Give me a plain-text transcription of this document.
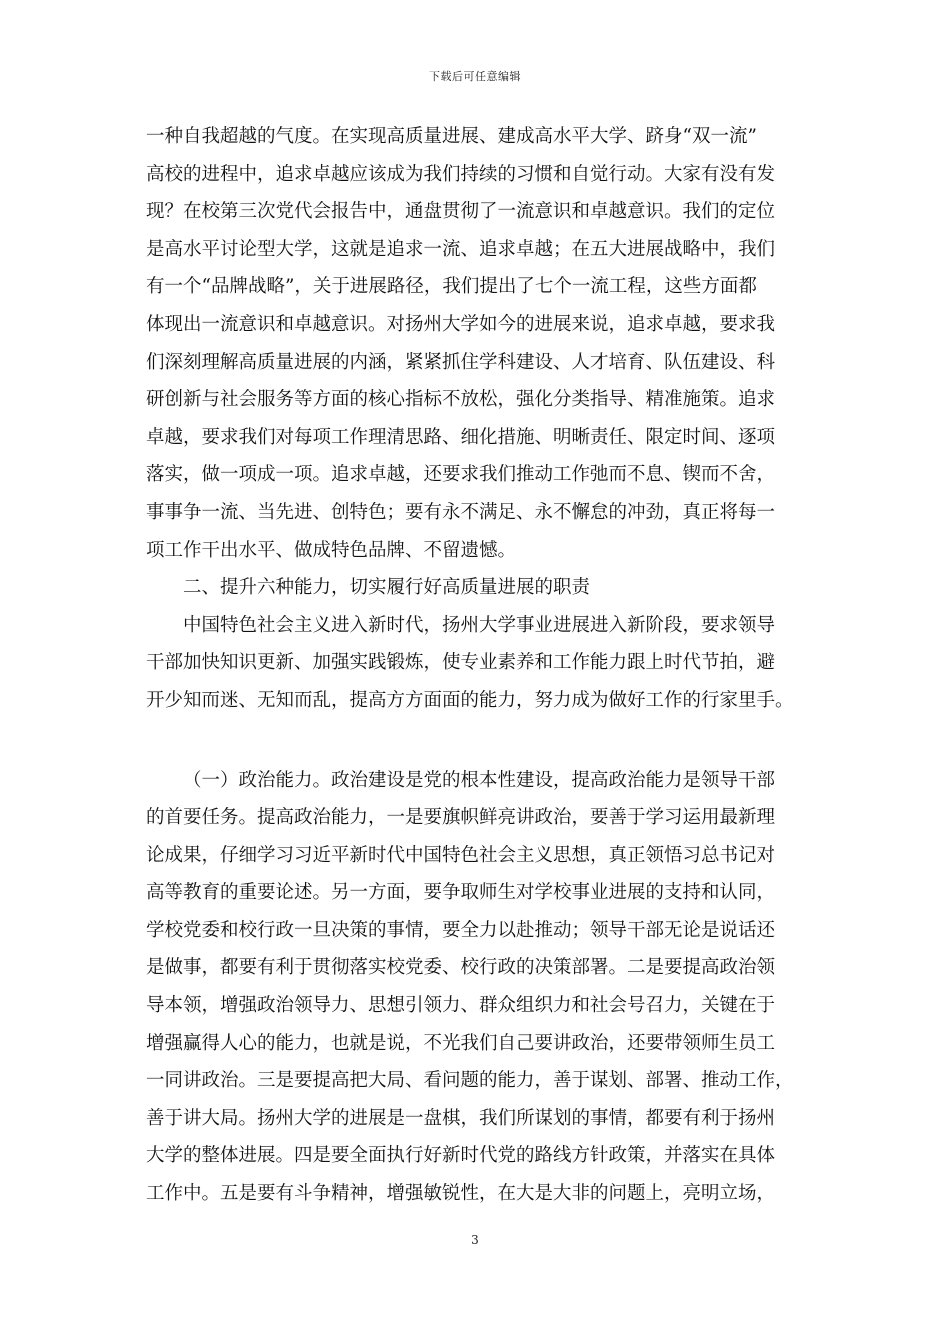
下载后可任意编辑
一种自我超越的气度。在实现高质量进展、建成高水平大学、跻身“双一流”
高校的进程中，追求卓越应该成为我们持续的习惯和自觉行动。大家有没有发
现？在校第三次党代会报告中，通盘贯彻了一流意识和卓越意识。我们的定位
是高水平讨论型大学，这就是追求一流、追求卓越；在五大进展战略中，我们
有一个“品牌战略”，关于进展路径，我们提出了七个一流工程，这些方面都
体现出一流意识和卓越意识。对扬州大学如今的进展来说，追求卓越，要求我
们深刻理解高质量进展的内涵，紧紧抓住学科建设、人才培育、队伍建设、科
研创新与社会服务等方面的核心指标不放松，强化分类指导、精准施策。追求
卓越，要求我们对每项工作理清思路、细化措施、明晰责任、限定时间、逐项
落实，做一项成一项。追求卓越，还要求我们推动工作弛而不息、锲而不舍，
事事争一流、当先进、创特色；要有永不满足、永不懈怠的冲劲，真正将每一
项工作干出水平、做成特色品牌、不留遗憾。
二、提升六种能力，切实履行好高质量进展的职责
中国特色社会主义进入新时代，扬州大学事业进展进入新阶段，要求领导
干部加快知识更新、加强实践锻炼，使专业素养和工作能力跟上时代节拍，避
开少知而迷、无知而乱，提高方方面面的能力，努力成为做好工作的行家里手。
（一）政治能力。政治建设是党的根本性建设，提高政治能力是领导干部
的首要任务。提高政治能力，一是要旗帜鲜亮讲政治，要善于学习运用最新理
论成果，仔细学习习近平新时代中国特色社会主义思想，真正领悟习总书记对
高等教育的重要论述。另一方面，要争取师生对学校事业进展的支持和认同，
学校党委和校行政一旦决策的事情，要全力以赴推动；领导干部无论是说话还
是做事，都要有利于贯彻落实校党委、校行政的决策部署。二是要提高政治领
导本领，增强政治领导力、思想引领力、群众组织力和社会号召力，关键在于
增强赢得人心的能力，也就是说，不光我们自己要讲政治，还要带领师生员工
一同讲政治。三是要提高把大局、看问题的能力，善于谋划、部署、推动工作，
善于讲大局。扬州大学的进展是一盘棋，我们所谋划的事情，都要有利于扬州
大学的整体进展。四是要全面执行好新时代党的路线方针政策，并落实在具体
工作中。五是要有斗争精神，增强敏锐性，在大是大非的问题上，亮明立场，
3
